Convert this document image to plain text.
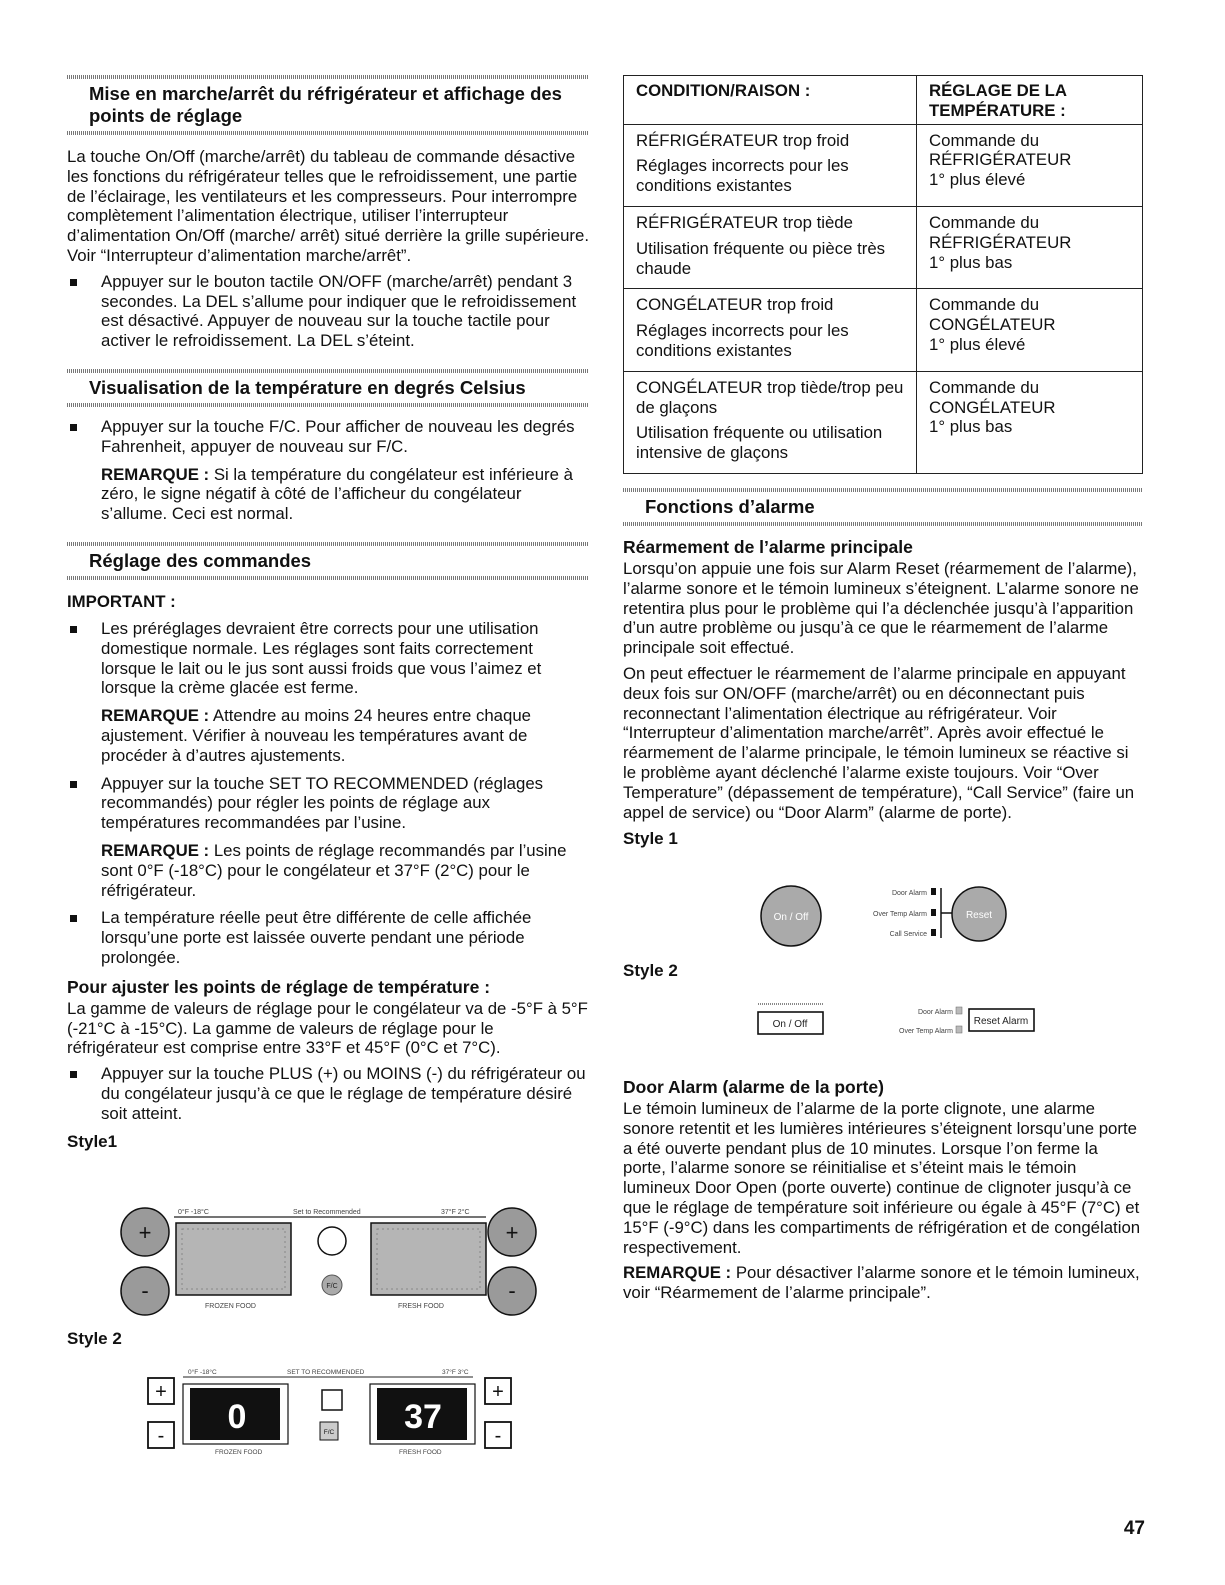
Mise en marche/arrêt du réfrigérateur et affichage des points de réglage

La touche On/Off (marche/arrêt) du tableau de commande désactive les fonctions du réfrigérateur telles que le refroidissement, une partie de l’éclairage, les ventilateurs et les compresseurs. Pour interrompre complètement l’alimentation électrique, utiliser l’interrupteur d’alimentation On/Off (marche/ arrêt) situé derrière la grille supérieure. Voir “Interrupteur d’alimentation marche/arrêt”.

Appuyer sur le bouton tactile ON/OFF (marche/arrêt) pendant 3 secondes. La DEL s’allume pour indiquer que le refroidissement est désactivé. Appuyer de nouveau sur la touche tactile pour activer le refroidissement. La DEL s’éteint.
Visualisation de la température en degrés Celsius
Appuyer sur la touche F/C. Pour afficher de nouveau les degrés Fahrenheit, appuyer de nouveau sur F/C.

REMARQUE : Si la température du congélateur est inférieure à zéro, le signe négatif à côté de l’afficheur du congélateur s’allume. Ceci est normal.

Réglage des commandes

IMPORTANT :

Les préréglages devraient être corrects pour une utilisation domestique normale. Les réglages sont faits correctement lorsque le lait ou le jus sont aussi froids que vous l’aimez et lorsque la crème glacée est ferme.

REMARQUE : Attendre au moins 24 heures entre chaque ajustement. Vérifier à nouveau les températures avant de procéder à d’autres ajustements.

Appuyer sur la touche SET TO RECOMMENDED (réglages recommandés) pour régler les points de réglage aux températures recommandées par l’usine.

REMARQUE : Les points de réglage recommandés par l’usine sont 0°F (-18°C) pour le congélateur et 37°F (2°C) pour le réfrigérateur.

La température réelle peut être différente de celle affichée lorsqu’une porte est laissée ouverte pendant une période prolongée.

Pour ajuster les points de réglage de température :

La gamme de valeurs de réglage pour le congélateur va de -5°F à 5°F (-21°C à -15°C). La gamme de valeurs de réglage pour le réfrigérateur est comprise entre 33°F et 45°F (0°C et 7°C).

Appuyer sur la touche PLUS (+) ou MOINS (-) du réfrigérateur ou du congélateur jusqu’à ce que le réglage de température désiré soit atteint.

Style1

0°F -18°C	Set to Recommended	37°F 2°C
+
-
FROZEN FOOD
F/C
FRESH FOOD
+
-

Style 2

0°F -18°C	SET TO RECOMMENDED	37°F 3°C
+
- 0
FROZEN FOOD
F/C 37
FRESH FOOD
+
-
CONDITION/RAISON :	RÉGLAGE DE LA TEMPÉRATURE :

RÉFRIGÉRATEUR trop froid
Réglages incorrects pour les conditions existantes	Commande du
RÉFRIGÉRATEUR
1° plus élevé

RÉFRIGÉRATEUR trop tiède
Utilisation fréquente ou pièce très chaude	Commande du
RÉFRIGÉRATEUR
1° plus bas

CONGÉLATEUR trop froid
Réglages incorrects pour les conditions existantes	Commande du
CONGÉLATEUR
1° plus élevé

CONGÉLATEUR trop tiède/trop peu de glaçons
Utilisation fréquente ou utilisation intensive de glaçons	Commande du
CONGÉLATEUR
1° plus bas
Fonctions d’alarme

Réarmement de l’alarme principale

Lorsqu’on appuie une fois sur Alarm Reset (réarmement de l’alarme), l’alarme sonore et le témoin lumineux s’éteignent. L’alarme sonore ne retentira plus pour le problème qui l’a déclenchée jusqu’à l’apparition d’un autre problème ou jusqu’à ce que le réarmement de l’alarme principale soit effectué.

On peut effectuer le réarmement de l’alarme principale en appuyant deux fois sur ON/OFF (marche/arrêt) ou en déconnectant puis reconnectant l’alimentation électrique au réfrigérateur. Voir “Interrupteur d’alimentation marche/arrêt”. Après avoir effectué le réarmement de l’alarme principale, le témoin lumineux se réactive si le problème ayant déclenché l’alarme existe toujours. Voir “Over Temperature” (dépassement de température), “Call Service” (faire un appel de service) ou “Door Alarm” (alarme de porte).

Style 1

On / Off
Door Alarm
Over Temp Alarm
Call Service
Reset

Style 2

On / Off
Door Alarm
Over Temp Alarm
Reset Alarm

Door Alarm (alarme de la porte)

Le témoin lumineux de l’alarme de la porte clignote, une alarme sonore retentit et les lumières intérieures s’éteignent lorsqu’une porte a été ouverte pendant plus de 10 minutes. Lorsque l’on ferme la porte, l’alarme sonore se réinitialise et s’éteint mais le témoin lumineux Door Open (porte ouverte) continue de clignoter jusqu’à ce que le réglage de température soit inférieure ou égale à 45°F (7°C) et 15°F (-9°C) dans les compartiments de réfrigération et de congélation respectivement.

REMARQUE : Pour désactiver l’alarme sonore et le témoin lumineux, voir “Réarmement de l’alarme principale”.

47
